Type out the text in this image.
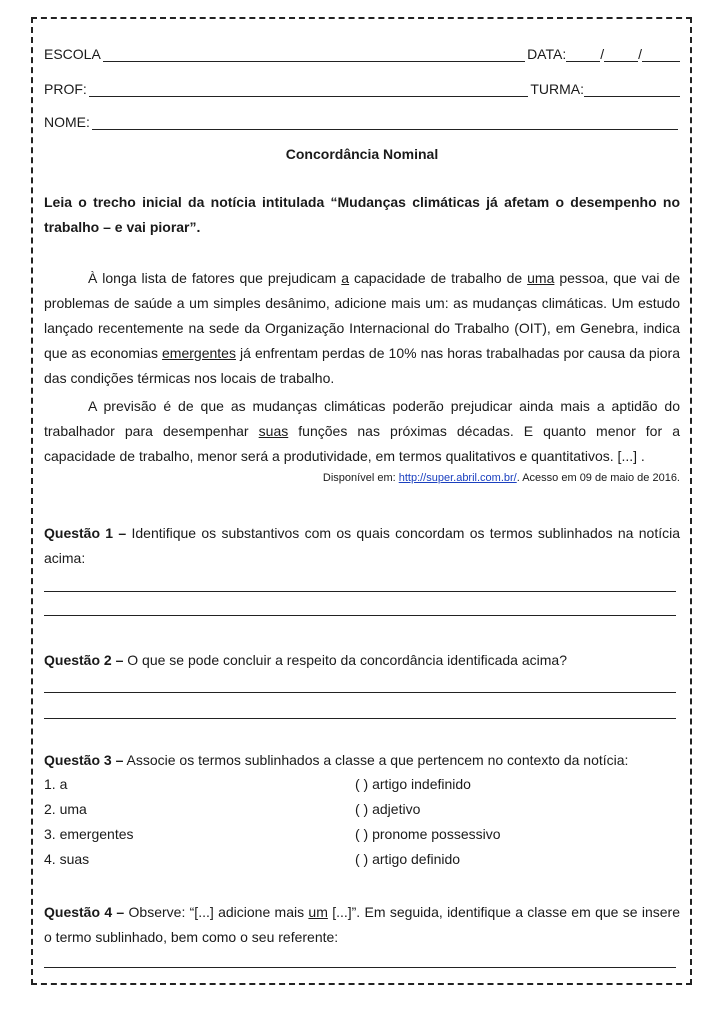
ESCOLA	DATA: / /
PROF:	TURMA:
NOME:
Concordância Nominal
Leia o trecho inicial da notícia intitulada “Mudanças climáticas já afetam o desempenho no trabalho – e vai piorar”.

À longa lista de fatores que prejudicam a capacidade de trabalho de uma pessoa, que vai de problemas de saúde a um simples desânimo, adicione mais um: as mudanças climáticas. Um estudo lançado recentemente na sede da Organização Internacional do Trabalho (OIT), em Genebra, indica que as economias emergentes já enfrentam perdas de 10% nas horas trabalhadas por causa da piora das condições térmicas nos locais de trabalho.

A previsão é de que as mudanças climáticas poderão prejudicar ainda mais a aptidão do trabalhador para desempenhar suas funções nas próximas décadas. E quanto menor for a capacidade de trabalho, menor será a produtividade, em termos qualitativos e quantitativos. [...] .

Disponível em: http://super.abril.com.br/. Acesso em 09 de maio de 2016.

Questão 1 – Identifique os substantivos com os quais concordam os termos sublinhados na notícia acima:

Questão 2 – O que se pode concluir a respeito da concordância identificada acima?

Questão 3 – Associe os termos sublinhados a classe a que pertencem no contexto da notícia:

1. a	( ) artigo indefinido
2. uma	( ) adjetivo
3. emergentes	( ) pronome possessivo
4. suas	( ) artigo definido

Questão 4 – Observe: “[...] adicione mais um [...]”. Em seguida, identifique a classe em que se insere o termo sublinhado, bem como o seu referente:
